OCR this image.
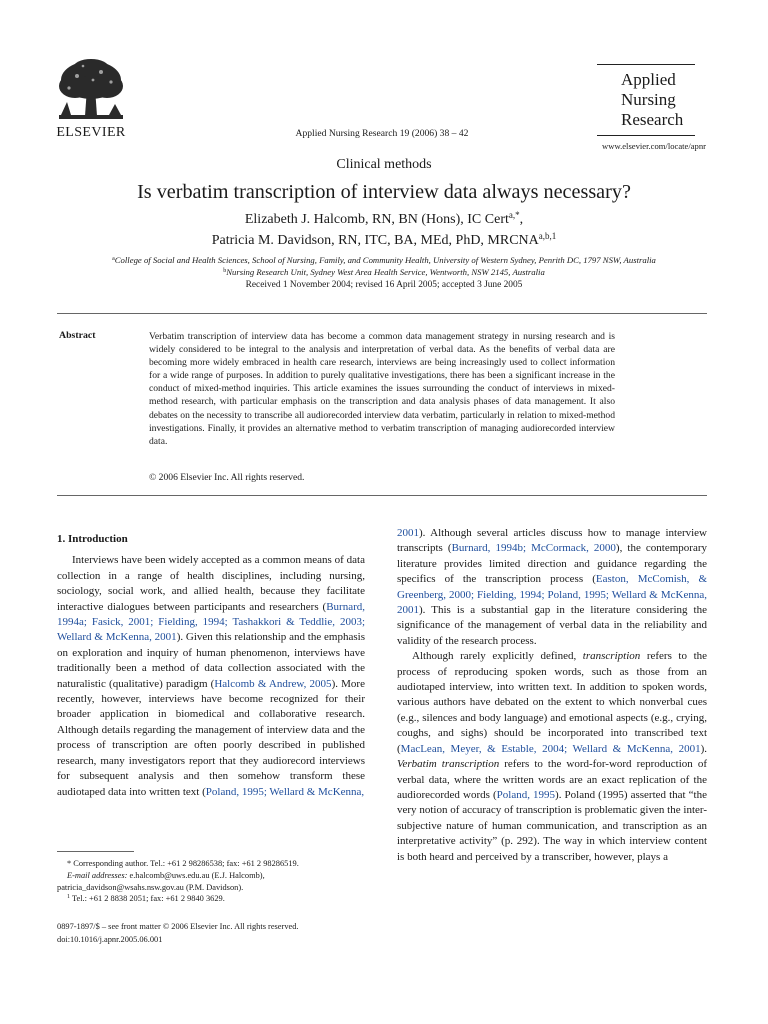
ELSEVIER	Applied Nursing Research 19 (2006) 38 – 42
Applied
Nursing
Research
www.elsevier.com/locate/apnr
Clinical methods
Is verbatim transcription of interview data always necessary?
Elizabeth J. Halcomb, RN, BN (Hons), IC Cert$^{a,*}$,
Patricia M. Davidson, RN, ITC, BA, MEd, PhD, MRCNA$^{a,b,1}$
$^a$College of Social and Health Sciences, School of Nursing, Family, and Community Health, University of Western Sydney, Penrith DC, 1797 NSW, Australia
$^b$Nursing Research Unit, Sydney West Area Health Service, Wentworth, NSW 2145, Australia
Received 1 November 2004; revised 16 April 2005; accepted 3 June 2005
Abstract	Verbatim transcription of interview data has become a common data management strategy in nursing research and is widely considered to be integral to the analysis and interpretation of verbal data. As the benefits of verbal data are becoming more widely embraced in health care research, interviews are being increasingly used to collect information for a wide range of purposes. In addition to purely qualitative investigations, there has been a significant increase in the conduct of mixed-method inquiries. This article examines the issues surrounding the conduct of interviews in mixed-method research, with particular emphasis on the transcription and data analysis phases of data management. It also debates on the necessity to transcribe all audiorecorded interview data verbatim, particularly in relation to mixed-method investigations. Finally, it provides an alternative method to verbatim transcription of managing audiorecorded interview data.
© 2006 Elsevier Inc. All rights reserved.
1. Introduction

Interviews have been widely accepted as a common means of data collection in a range of health disciplines, including nursing, sociology, social work, and allied health, because they facilitate interactive dialogues between participants and researchers (Burnard, 1994a; Fasick, 2001; Fielding, 1994; Tashakkori & Teddlie, 2003; Wellard & McKenna, 2001). Given this relationship and the emphasis on exploration and inquiry of human phenomenon, interviews have traditionally been a method of data collection associated with the naturalistic (qualitative) paradigm (Halcomb & Andrew, 2005). More recently, however, interviews have become recognized for their broader application in biomedical and collaborative research. Although details regarding the management of interview data and the process of transcription are often poorly described in published research, many investigators report that they audiorecord interviews for subsequent analysis and then somehow transform these audiotaped data into written text (Poland, 1995; Wellard & McKenna,

2001). Although several articles discuss how to manage interview transcripts (Burnard, 1994b; McCormack, 2000), the contemporary literature provides limited direction and guidance regarding the specifics of the transcription process (Easton, McComish, & Greenberg, 2000; Fielding, 1994; Poland, 1995; Wellard & McKenna, 2001). This is a substantial gap in the literature considering the significance of the management of verbal data in the reliability and validity of the research process.

Although rarely explicitly defined, transcription refers to the process of reproducing spoken words, such as those from an audiotaped interview, into written text. In addition to spoken words, various authors have debated on the extent to which nonverbal cues (e.g., silences and body language) and emotional aspects (e.g., crying, coughs, and sighs) should be incorporated into transcribed text (MacLean, Meyer, & Estable, 2004; Wellard & McKenna, 2001). Verbatim transcription refers to the word-for-word reproduction of verbal data, where the written words are an exact replication of the audiorecorded words (Poland, 1995). Poland (1995) asserted that “the very notion of accuracy of transcription is problematic given the inter-subjective nature of human communication, and transcription as an interpretative activity” (p. 292). The way in which interview content is both heard and perceived by a transcriber, however, plays a

* Corresponding author. Tel.: +61 2 98286538; fax: +61 2 98286519.
E-mail addresses: e.halcomb@uws.edu.au (E.J. Halcomb),
patricia_davidson@wsahs.nsw.gov.au (P.M. Davidson).
$^1$ Tel.: +61 2 8838 2051; fax: +61 2 9840 3629.
0897-1897/$ – see front matter © 2006 Elsevier Inc. All rights reserved.
doi:10.1016/j.apnr.2005.06.001
